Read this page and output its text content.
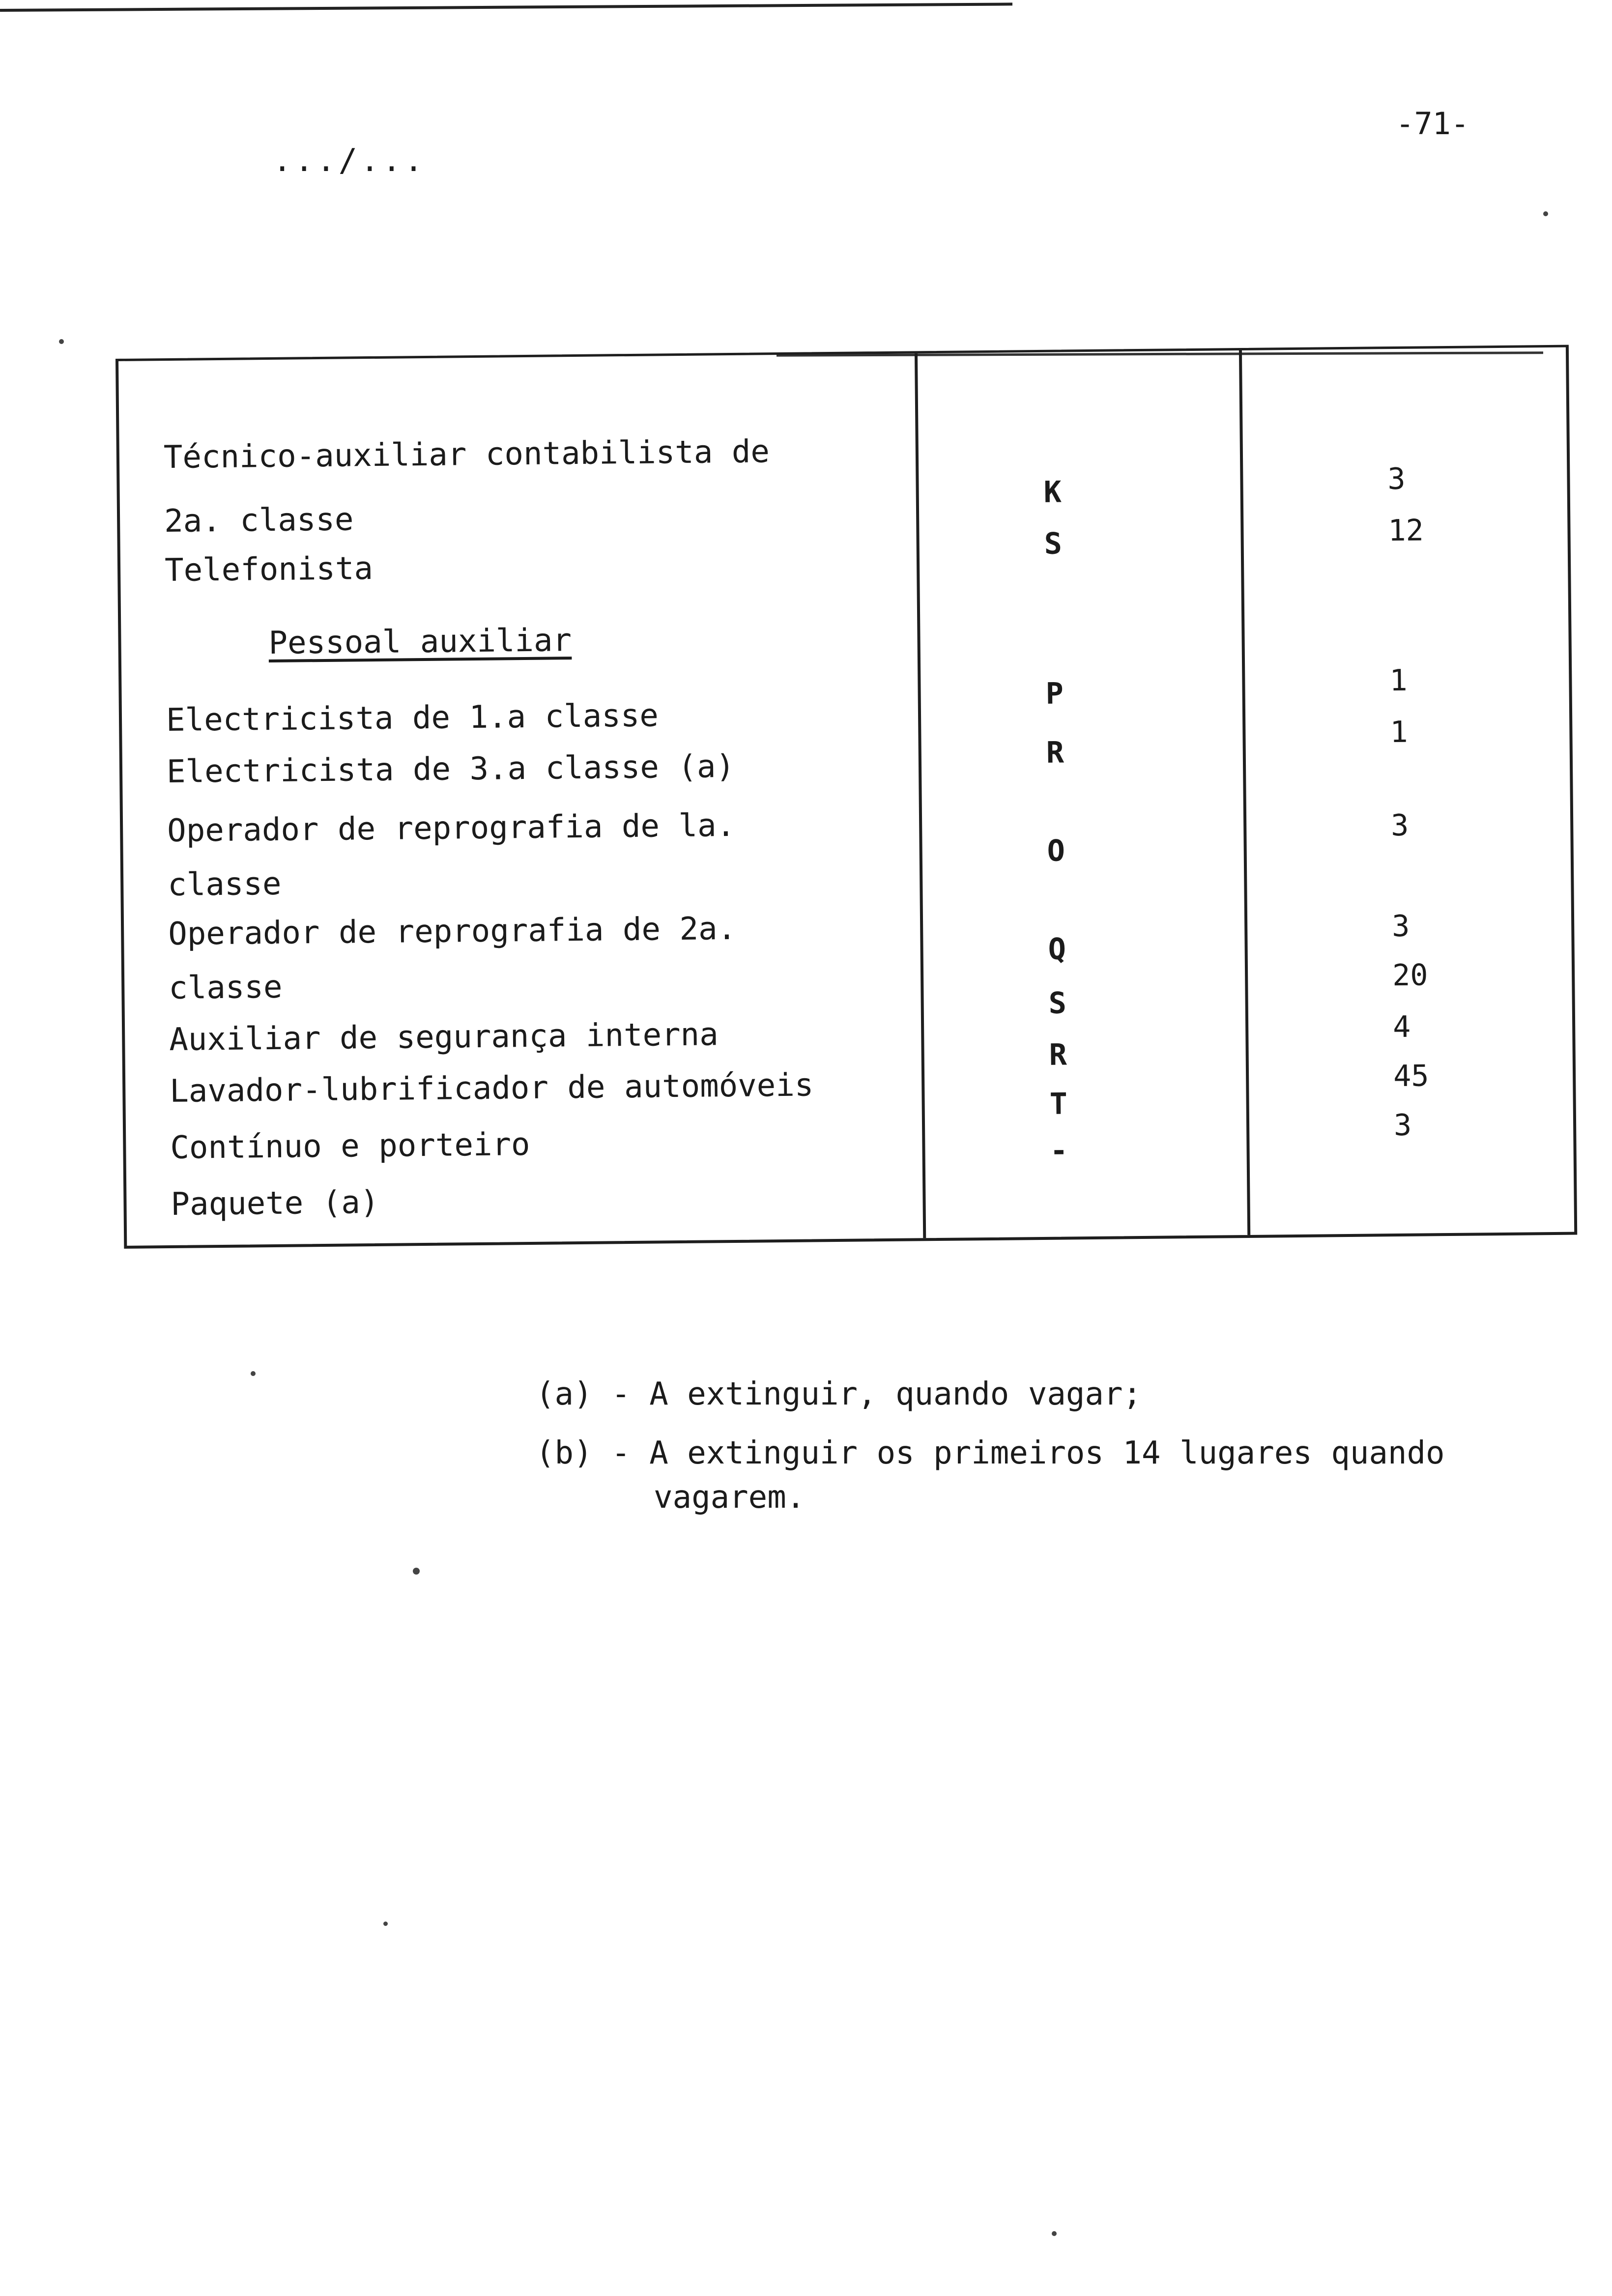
-71-
.../...
Técnico-auxiliar contabilista de
2a. classe
Telefonista
Pessoal auxiliar
Electricista de 1.a classe
Electricista de 3.a classe (a)
Operador de reprografia de la.
classe
Operador de reprografia de 2a.
classe
Auxiliar de segurança interna
Lavador-lubrificador de automóveis
Contínuo e porteiro
Paquete (a)
K
S
P
R
O
Q
S
R
T
-
3
12
1
1
3
3
20
4
45
3
(a) - A extinguir, quando vagar;
(b) - A extinguir os primeiros 14 lugares quando
vagarem.
